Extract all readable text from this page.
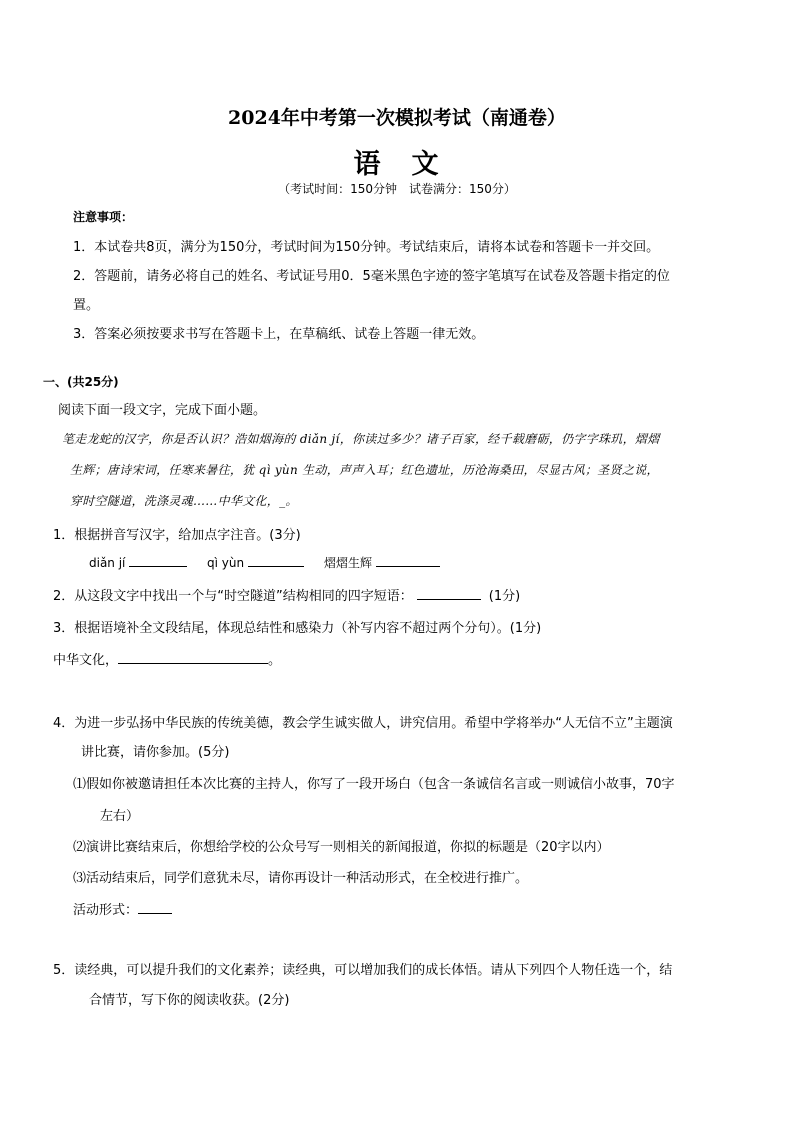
2024年中考第一次模拟考试（南通卷）
语　文
（考试时间：150分钟　试卷满分：150分）
注意事项：
1．本试卷共8页，满分为150分，考试时间为150分钟。考试结束后，请将本试卷和答题卡一并交回。
2．答题前，请务必将自己的姓名、考试证号用0．5毫米黑色字迹的签字笔填写在试卷及答题卡指定的位
置。
3．答案必须按要求书写在答题卡上，在草稿纸、试卷上答题一律无效。
一、(共25分)
阅读下面一段文字，完成下面小题。
笔走龙蛇的汉字，你是否认识？浩如烟海的 diǎn jí，你读过多少？诸子百家，经千载磨砺，仍字字珠玑，熠熠
生辉；唐诗宋词，任寒来暑往，犹 qì yùn 生动，声声入耳；红色遗址，历沧海桑田，尽显古风；圣贤之说，
穿时空隧道，洗涤灵魂……中华文化，_。
1．根据拼音写汉字，给加点字注音。(3分)
diǎn jí	qì yùn	熠熠生辉
2．从这段文字中找出一个与“时空隧道”结构相同的四字短语：	(1分)
3．根据语境补全文段结尾，体现总结性和感染力（补写内容不超过两个分句）。(1分)
中华文化，	。
4．为进一步弘扬中华民族的传统美德，教会学生诚实做人，讲究信用。希望中学将举办“人无信不立”主题演
讲比赛，请你参加。(5分)
⑴假如你被邀请担任本次比赛的主持人，你写了一段开场白（包含一条诚信名言或一则诚信小故事，70字
左右）
⑵演讲比赛结束后，你想给学校的公众号写一则相关的新闻报道，你拟的标题是（20字以内）
⑶活动结束后，同学们意犹未尽，请你再设计一种活动形式，在全校进行推广。
活动形式：
5．读经典，可以提升我们的文化素养；读经典，可以增加我们的成长体悟。请从下列四个人物任选一个，结
合情节，写下你的阅读收获。(2分)
